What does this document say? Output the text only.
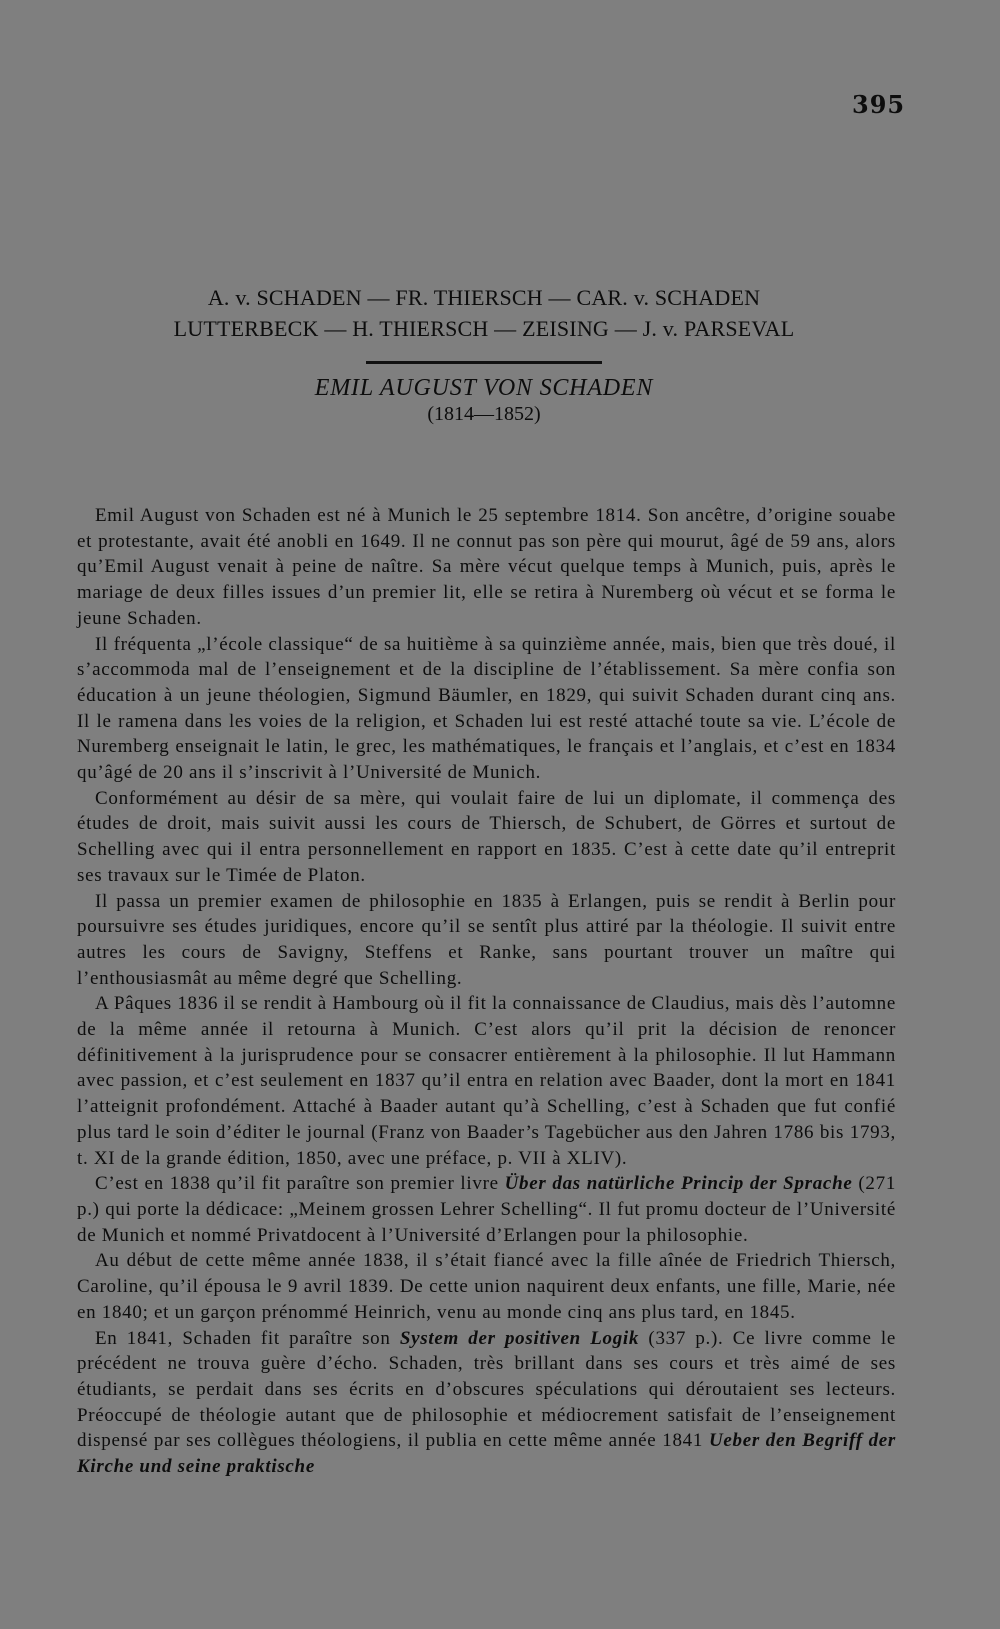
395
A. v. SCHADEN — FR. THIERSCH — CAR. v. SCHADEN
LUTTERBECK — H. THIERSCH — ZEISING — J. v. PARSEVAL
EMIL AUGUST VON SCHADEN
(1814—1852)

Emil August von Schaden est né à Munich le 25 septembre 1814. Son ancêtre, d’origine souabe et protestante, avait été anobli en 1649. Il ne connut pas son père qui mourut, âgé de 59 ans, alors qu’Emil August venait à peine de naître. Sa mère vécut quelque temps à Munich, puis, après le mariage de deux filles issues d’un premier lit, elle se retira à Nuremberg où vécut et se forma le jeune Schaden.

Il fréquenta „l’école classique“ de sa huitième à sa quinzième année, mais, bien que très doué, il s’accommoda mal de l’enseignement et de la discipline de l’établissement. Sa mère confia son éducation à un jeune théologien, Sigmund Bäumler, en 1829, qui suivit Schaden durant cinq ans. Il le ramena dans les voies de la religion, et Schaden lui est resté attaché toute sa vie. L’école de Nuremberg enseignait le latin, le grec, les mathématiques, le français et l’anglais, et c’est en 1834 qu’âgé de 20 ans il s’inscrivit à l’Université de Munich.

Conformément au désir de sa mère, qui voulait faire de lui un diplomate, il commença des études de droit, mais suivit aussi les cours de Thiersch, de Schubert, de Görres et surtout de Schelling avec qui il entra personnellement en rapport en 1835. C’est à cette date qu’il entreprit ses travaux sur le Timée de Platon.

Il passa un premier examen de philosophie en 1835 à Erlangen, puis se rendit à Berlin pour poursuivre ses études juridiques, encore qu’il se sentît plus attiré par la théologie. Il suivit entre autres les cours de Savigny, Steffens et Ranke, sans pourtant trouver un maître qui l’enthousiasmât au même degré que Schelling.

A Pâques 1836 il se rendit à Hambourg où il fit la connaissance de Claudius, mais dès l’automne de la même année il retourna à Munich. C’est alors qu’il prit la décision de renoncer définitivement à la jurisprudence pour se consacrer entièrement à la philosophie. Il lut Hammann avec passion, et c’est seulement en 1837 qu’il entra en relation avec Baader, dont la mort en 1841 l’atteignit profondément. Attaché à Baader autant qu’à Schelling, c’est à Schaden que fut confié plus tard le soin d’éditer le journal (Franz von Baader’s Tagebücher aus den Jahren 1786 bis 1793, t. XI de la grande édition, 1850, avec une préface, p. VII à XLIV).

C’est en 1838 qu’il fit paraître son premier livre Über das natürliche Princip der Sprache (271 p.) qui porte la dédicace: „Meinem grossen Lehrer Schelling“. Il fut promu docteur de l’Université de Munich et nommé Privatdocent à l’Université d’Erlangen pour la philosophie.

Au début de cette même année 1838, il s’était fiancé avec la fille aînée de Friedrich Thiersch, Caroline, qu’il épousa le 9 avril 1839. De cette union naquirent deux enfants, une fille, Marie, née en 1840; et un garçon prénommé Heinrich, venu au monde cinq ans plus tard, en 1845.

En 1841, Schaden fit paraître son System der positiven Logik (337 p.). Ce livre comme le précédent ne trouva guère d’écho. Schaden, très brillant dans ses cours et très aimé de ses étudiants, se perdait dans ses écrits en d’obscures spéculations qui déroutaient ses lecteurs. Préoccupé de théologie autant que de philosophie et médiocrement satisfait de l’enseignement dispensé par ses collègues théologiens, il publia en cette même année 1841 Ueber den Begriff der Kirche und seine praktische
